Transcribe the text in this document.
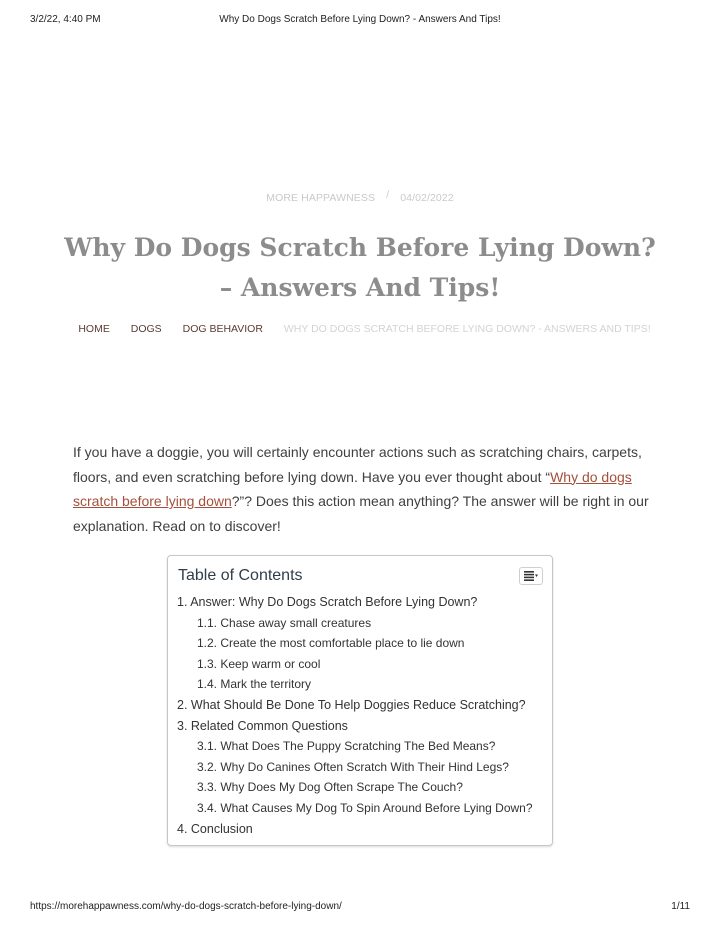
3/2/22, 4:40 PM	Why Do Dogs Scratch Before Lying Down? - Answers And Tips!
MORE HAPPAWNESS / 04/02/2022
Why Do Dogs Scratch Before Lying Down? – Answers And Tips!
HOME DOGS DOG BEHAVIOR WHY DO DOGS SCRATCH BEFORE LYING DOWN? - ANSWERS AND TIPS!

If you have a doggie, you will certainly encounter actions such as scratching chairs, carpets, floors, and even scratching before lying down. Have you ever thought about “Why do dogs scratch before lying down?”? Does this action mean anything? The answer will be right in our explanation. Read on to discover!

Table of Contents

1. Answer: Why Do Dogs Scratch Before Lying Down?
1.1. Chase away small creatures
1.2. Create the most comfortable place to lie down
1.3. Keep warm or cool
1.4. Mark the territory
2. What Should Be Done To Help Doggies Reduce Scratching?
3. Related Common Questions
3.1. What Does The Puppy Scratching The Bed Means?
3.2. Why Do Canines Often Scratch With Their Hind Legs?
3.3. Why Does My Dog Often Scrape The Couch?
3.4. What Causes My Dog To Spin Around Before Lying Down?
4. Conclusion
https://morehappawness.com/why-do-dogs-scratch-before-lying-down/	1/11
